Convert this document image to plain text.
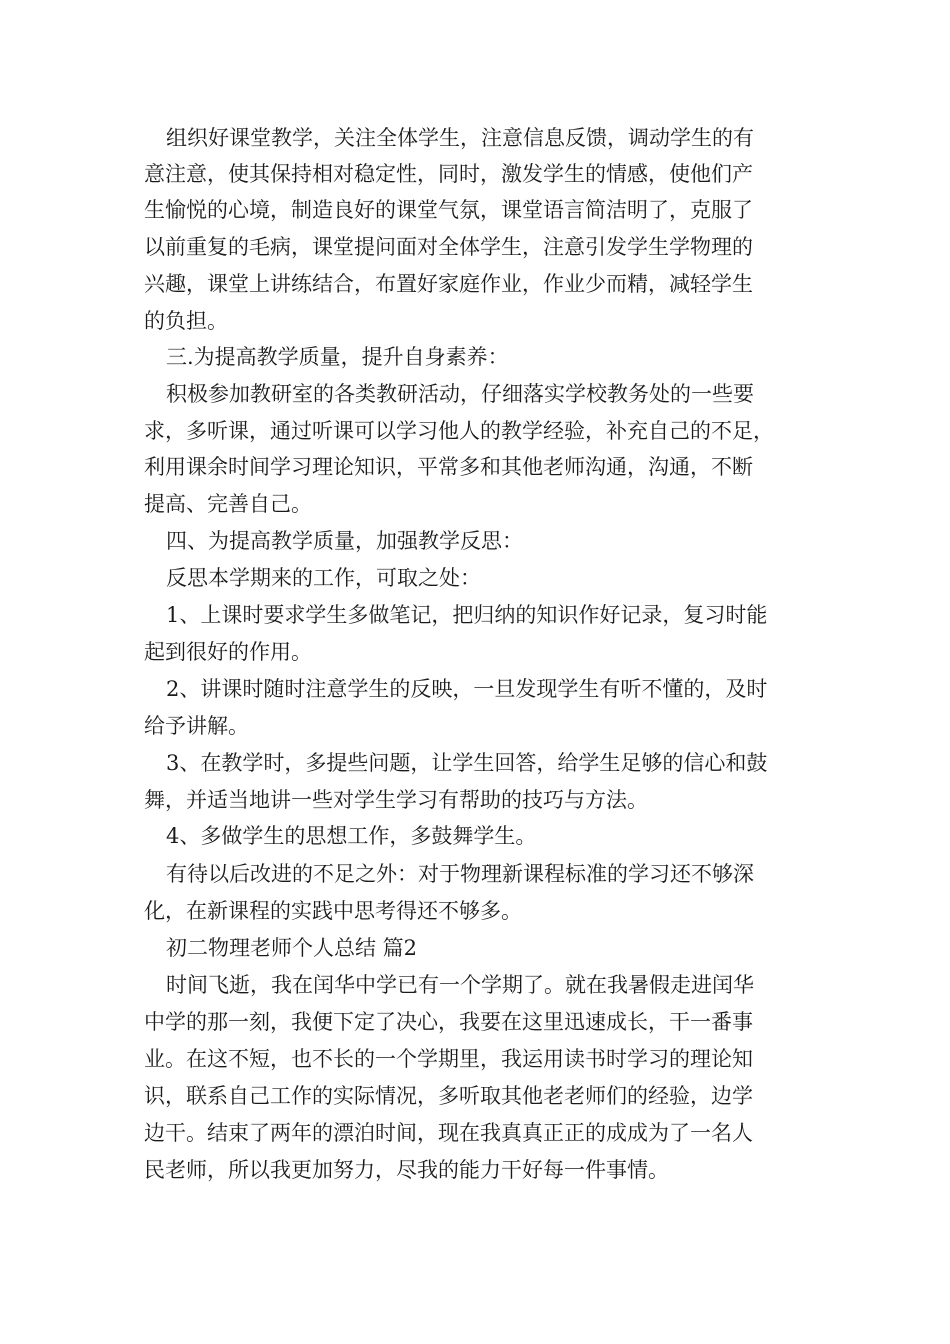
组织好课堂教学，关注全体学生，注意信息反馈，调动学生的有
意注意，使其保持相对稳定性，同时，激发学生的情感，使他们产
生愉悦的心境，制造良好的课堂气氛，课堂语言简洁明了，克服了
以前重复的毛病，课堂提问面对全体学生，注意引发学生学物理的
兴趣，课堂上讲练结合，布置好家庭作业，作业少而精，减轻学生
的负担。
三.为提高教学质量，提升自身素养：
积极参加教研室的各类教研活动，仔细落实学校教务处的一些要
求，多听课，通过听课可以学习他人的教学经验，补充自己的不足，
利用课余时间学习理论知识，平常多和其他老师沟通，沟通，不断
提高、完善自己。
四、为提高教学质量，加强教学反思：
反思本学期来的工作，可取之处：
1、上课时要求学生多做笔记，把归纳的知识作好记录，复习时能
起到很好的作用。
2、讲课时随时注意学生的反映，一旦发现学生有听不懂的，及时
给予讲解。
3、在教学时，多提些问题，让学生回答，给学生足够的信心和鼓
舞，并适当地讲一些对学生学习有帮助的技巧与方法。
4、多做学生的思想工作，多鼓舞学生。
有待以后改进的不足之外：对于物理新课程标准的学习还不够深
化，在新课程的实践中思考得还不够多。
初二物理老师个人总结 篇2
时间飞逝，我在闰华中学已有一个学期了。就在我暑假走进闰华
中学的那一刻，我便下定了决心，我要在这里迅速成长，干一番事
业。在这不短，也不长的一个学期里，我运用读书时学习的理论知
识，联系自己工作的实际情况，多听取其他老老师们的经验，边学
边干。结束了两年的漂泊时间，现在我真真正正的成成为了一名人
民老师，所以我更加努力，尽我的能力干好每一件事情。
